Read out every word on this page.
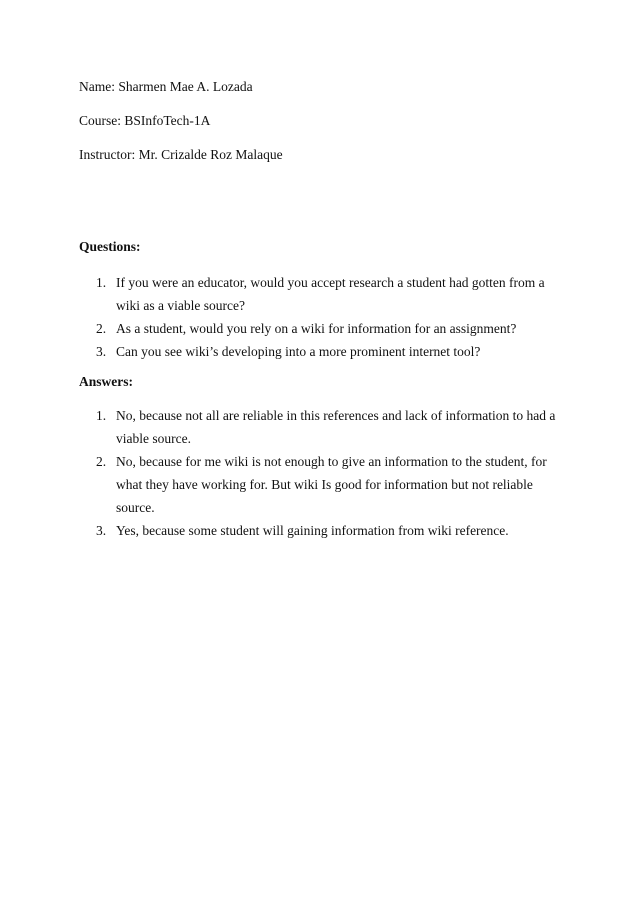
Name: Sharmen Mae A. Lozada
Course: BSInfoTech-1A
Instructor: Mr. Crizalde Roz Malaque
Questions:
1. If you were an educator, would you accept research a student had gotten from a wiki as a viable source?
2. As a student, would you rely on a wiki for information for an assignment?
3. Can you see wiki’s developing into a more prominent internet tool?
Answers:
1. No, because not all are reliable in this references and lack of information to had a viable source.
2. No, because for me wiki is not enough to give an information to the student, for what they have working for. But wiki Is good for information but not reliable source.
3. Yes, because some student will gaining information from wiki reference.
